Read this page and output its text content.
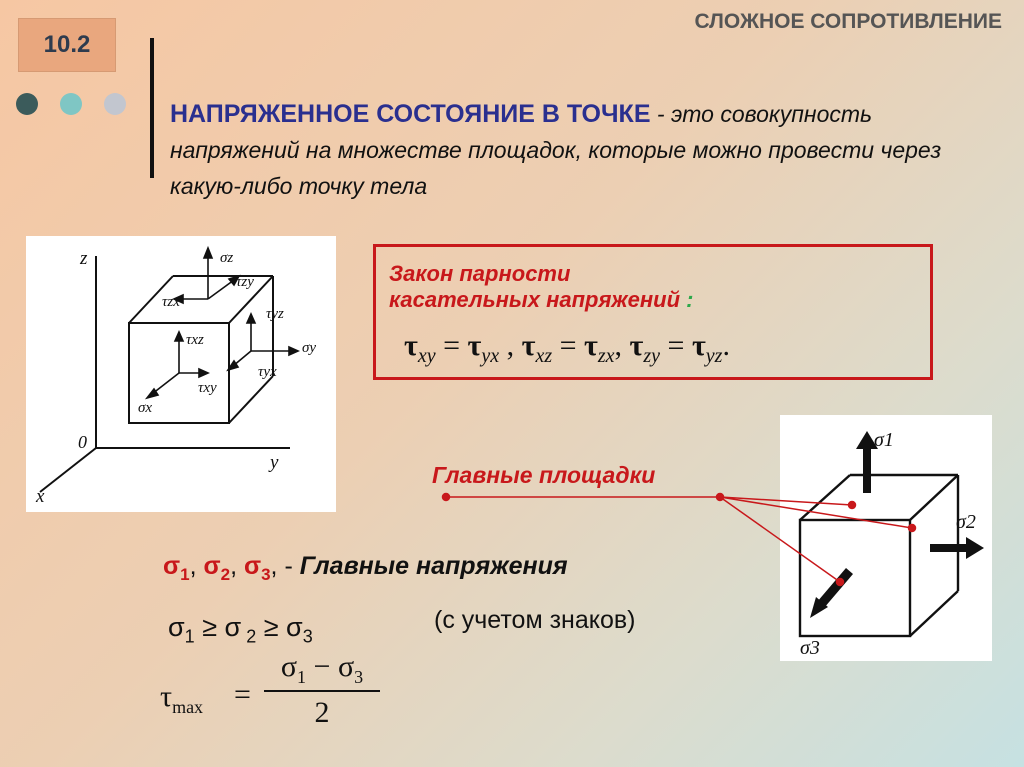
10.2
СЛОЖНОЕ СОПРОТИВЛЕНИЕ
НАПРЯЖЕННОЕ СОСТОЯНИЕ В ТОЧКЕ - это совокупность напряжений на множестве площадок, которые можно провести через какую-либо точку тела
z
y
x
0
σz
σy
σx
τzx
τzy
τyz
τyx
τxz
τxy
Закон парности
касательных напряжений :
$\tau_{xy} = \tau_{yx}$ , $\tau_{xz} = \tau_{zx}$, $\tau_{zy} = \tau_{yz}$.
σ1
σ2
σ3
Главные площадки
$\sigma_1$, $\sigma_2$, $\sigma_3$, - Главные напряжения
$\sigma_1 \ge \sigma$ $_2 \ge \sigma_3$
(с учетом знаков)
$\tau_{max}$ =
$\sigma_1 - \sigma_3$
2
